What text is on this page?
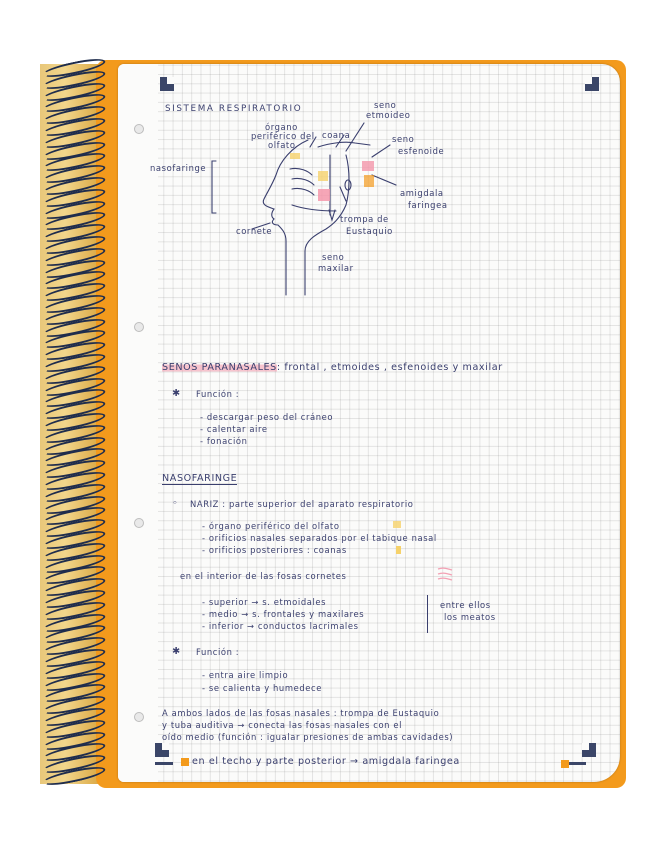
SISTEMA RESPIRATORIO	seno
etmoideo
órgano
periférico del
olfato
coana	seno
esfenoide
nasofaringe
amigdala
faringea
trompa de
Eustaquio
cornete
seno
maxilar
SENOS PARANASALES: frontal , etmoides , esfenoides y maxilar
✱ Función :
- descargar peso del cráneo
- calentar aire
- fonación
NASOFARINGE
◦ NARIZ : parte superior del aparato respiratorio
- órgano periférico del olfato
- orificios nasales separados por el tabique nasal
- orificios posteriores : coanas
en el interior de las fosas cornetes
- superior → s. etmoidales
- medio → s. frontales y maxilares
- inferior → conductos lacrimales
entre ellos
los meatos
✱ Función :
- entra aire limpio
- se calienta y humedece
A ambos lados de las fosas nasales : trompa de Eustaquio
y tuba auditiva → conecta las fosas nasales con el
oído medio (función : igualar presiones de ambas cavidades)
en el techo y parte posterior → amigdala faringea
